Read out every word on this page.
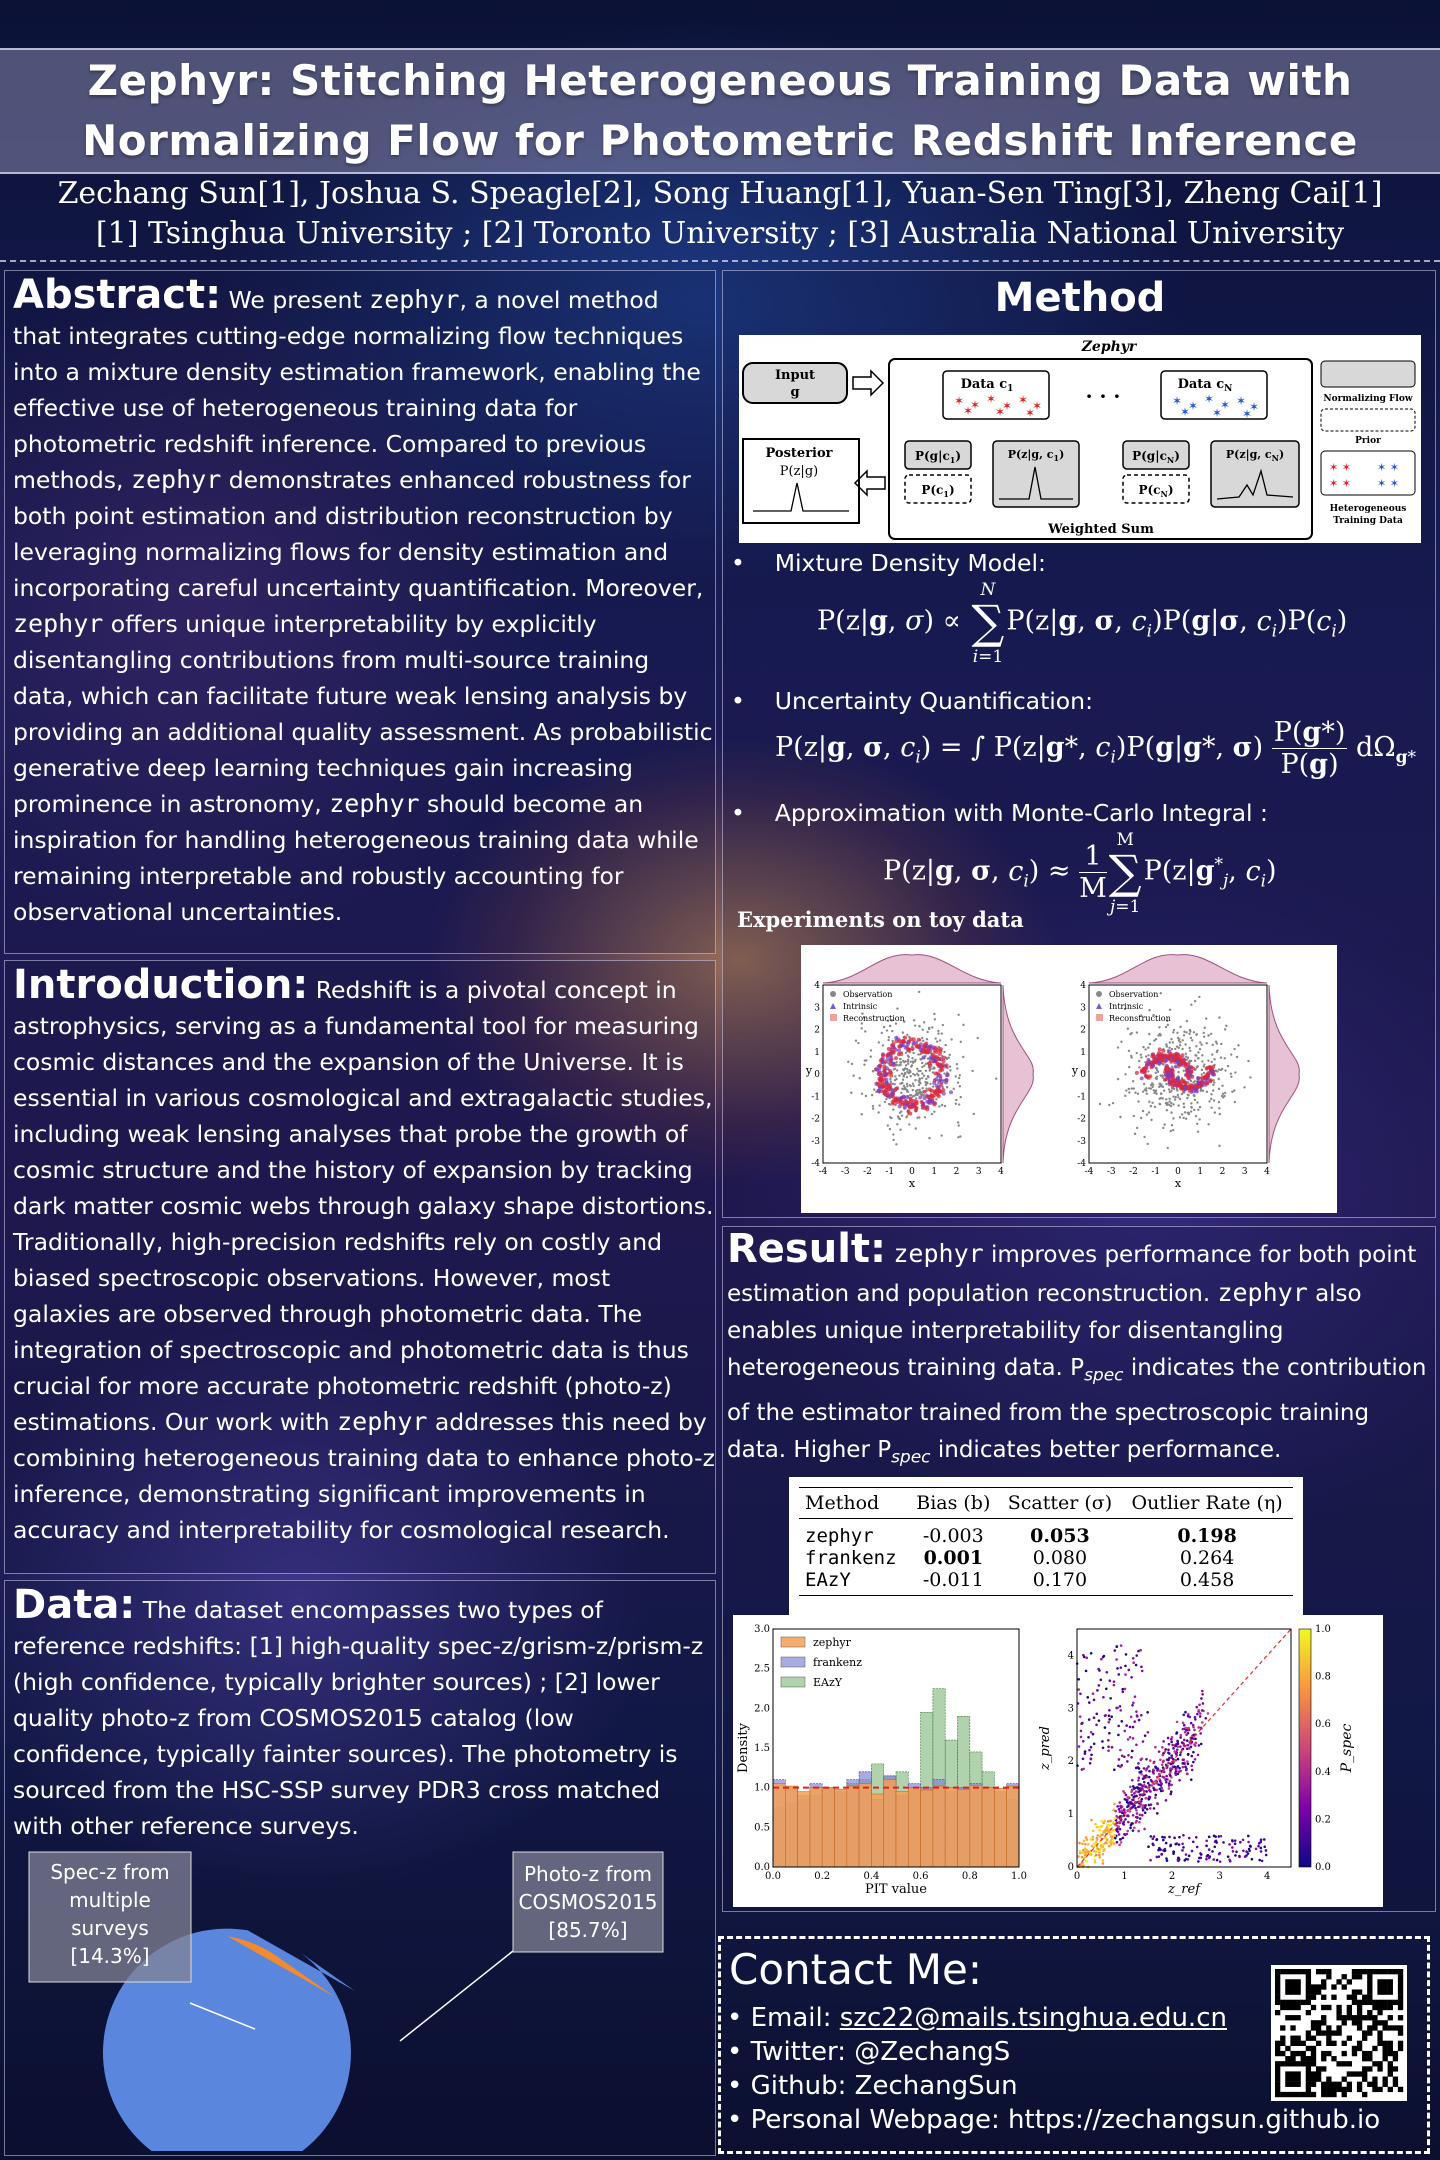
Zephyr: Stitching Heterogeneous Training Data with
Normalizing Flow for Photometric Redshift Inference
Zechang Sun[1], Joshua S. Speagle[2], Song Huang[1], Yuan-Sen Ting[3], Zheng Cai[1]
[1] Tsinghua University ; [2] Toronto University ; [3] Australia National University
Abstract: We present zephyr, a novel method that integrates cutting-edge normalizing flow techniques into a mixture density estimation framework, enabling the effective use of heterogeneous training data for photometric redshift inference. Compared to previous methods, zephyr demonstrates enhanced robustness for both point estimation and distribution reconstruction by leveraging normalizing flows for density estimation and incorporating careful uncertainty quantification. Moreover, zephyr offers unique interpretability by explicitly disentangling contributions from multi-source training data, which can facilitate future weak lensing analysis by providing an additional quality assessment. As probabilistic generative deep learning techniques gain increasing prominence in astronomy, zephyr should become an inspiration for handling heterogeneous training data while remaining interpretable and robustly accounting for observational uncertainties.
Introduction: Redshift is a pivotal concept in astrophysics, serving as a fundamental tool for measuring cosmic distances and the expansion of the Universe. It is essential in various cosmological and extragalactic studies, including weak lensing analyses that probe the growth of cosmic structure and the history of expansion by tracking dark matter cosmic webs through galaxy shape distortions. Traditionally, high-precision redshifts rely on costly and biased spectroscopic observations. However, most galaxies are observed through photometric data. The integration of spectroscopic and photometric data is thus crucial for more accurate photometric redshift (photo-z) estimations. Our work with zephyr addresses this need by combining heterogeneous training data to enhance photo-z inference, demonstrating significant improvements in accuracy and interpretability for cosmological research.
Data: The dataset encompasses two types of reference redshifts: [1] high-quality spec-z/grism-z/prism-z (high confidence, typically brighter sources) ; [2] lower quality photo-z from COSMOS2015 catalog (low confidence, typically fainter sources). The photometry is sourced from the HSC-SSP survey PDR3 cross matched with other reference surveys.
Spec-z from
multiple
surveys
[14.3%]
Photo-z from
COSMOS2015
[85.7%]
Method
Zephyr
Input
g
Posterior
P(z|g)
Data $c_1$
✶ ✶ ✶ ✶ ✶ ✶
✶ ✶ ✶
· · ·	Data $c_N$
✶ ✶ ✶ ✶ ✶ ✶
✶ ✶ ✶
$P(g|c_1)$
$P(c_1)$
P(z|g, $c_1$)	$P(g|c_N)$
$P(c_N)$
P(z|g, $c_N$)
Weighted Sum
Normalizing Flow
Prior
✶ ✶ ✶ ✶
✶ ✶ ✶ ✶
Heterogeneous
Training Data
•    Mixture Density Model:
P(z|g, σ) ∝ N
∑
i=1P(z|g, σ, $c_i)P(g|\sigma$, $c_i)P(c_i)$
•    Uncertainty Quantification:
P(z|g, σ, $c_i$) = ∫ P(z|g*, $c_i)P(g|g*$, $\sigma) \frac{P(g*)}{P(g)} d\Omega_{g*}$
•    Approximation with Monte-Carlo Integral :
P(z|g, σ, $c_i) \approx \frac{1}{M}$
M
∑
$j=1P(z|g^*_j$, $c_i$)
Experiments on toy data
Observation
Intrinsic
Reconstruction
-4
-4
-3
-3
-2
-2
-1
-1
0
0
1
1
2
2
3
3
4
4
x
y
Observation
Intrinsic
Reconstruction
-4
-4
-3
-3
-2
-2
-1
-1
0
0
1
1
2
2
3
3
4
4
x
y
Result: zephyr improves performance for both point estimation and population reconstruction. zephyr also enables unique interpretability for disentangling heterogeneous training data. $P_{spec}$ indicates the contribution of the estimator trained from the spectroscopic training data. Higher $P_{spec}$ indicates better performance.
Method	Bias (b)	Scatter (σ)	Outlier Rate (η)
zephyr	-0.003	0.053	0.198
frankenz	0.001	0.080	0.264
EAzY	-0.011	0.170	0.458
0.0	0.2	0.4	0.6	0.8	1.0
0.0
0.5
1.0
1.5
2.0
2.5
3.0
PIT value
Density
zephyr
frankenz
EAzY
0	1	2	3	4
0
1
2
3
4
z_ref
z_pred
0.0
0.2
0.4
0.6
0.8
1.0
P_spec
Contact Me:
• Email: szc22@mails.tsinghua.edu.cn
• Twitter: @ZechangS
• Github: ZechangSun
• Personal Webpage: https://zechangsun.github.io
